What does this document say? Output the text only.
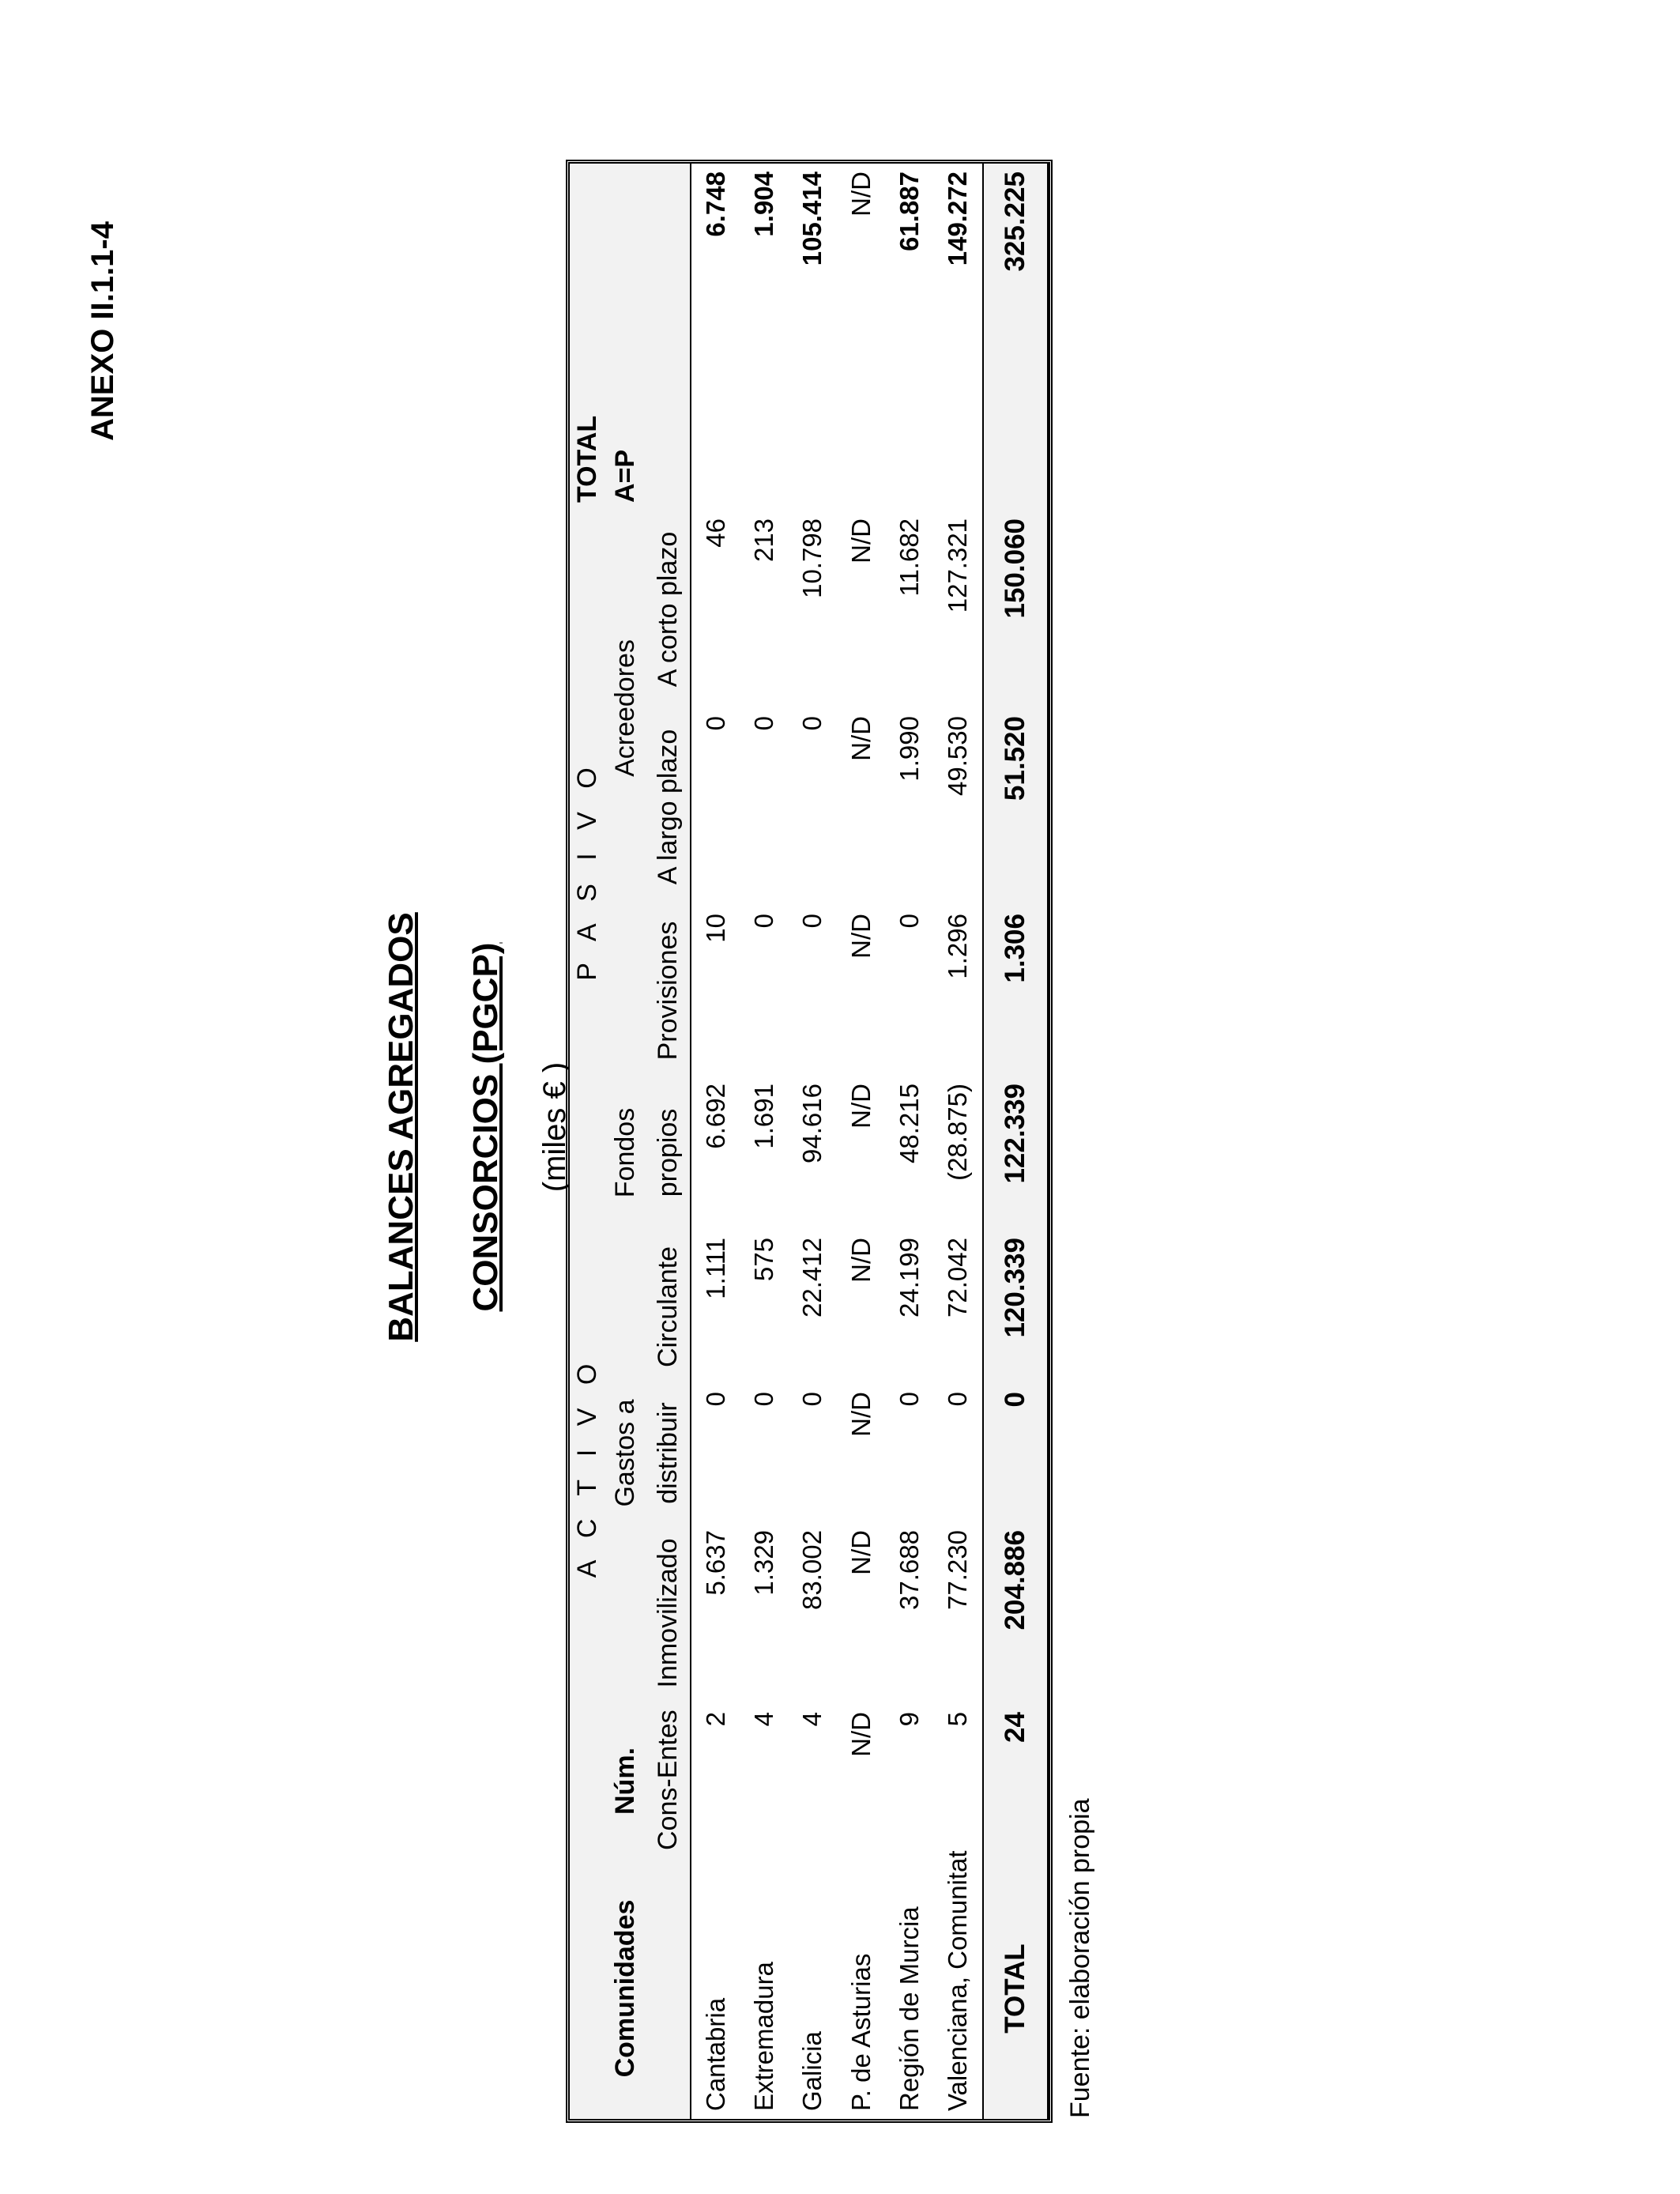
ANEXO II.1.1-4
BALANCES AGREGADOS CONSORCIOS (PGCP) (miles € )
		A C T I V O			P A S I V O				TOTAL
Comunidades	Núm.		Gastos a		Fondos		Acreedores		A=P
	Cons-Entes	Inmovilizado	distribuir	Circulante	propios	Provisiones	A largo plazo	A corto plazo	
Cantabria	2	5.637	0	1.111	6.692	10	0	46	6.748
Extremadura	4	1.329	0	575	1.691	0	0	213	1.904
Galicia	4	83.002	0	22.412	94.616	0	0	10.798	105.414
P. de Asturias	N/D	N/D	N/D	N/D	N/D	N/D	N/D	N/D	N/D
Región de Murcia	9	37.688	0	24.199	48.215	0	1.990	11.682	61.887
Valenciana, Comunitat	5	77.230	0	72.042	(28.875)	1.296	49.530	127.321	149.272
TOTAL	24	204.886	0	120.339	122.339	1.306	51.520	150.060	325.225
Fuente: elaboración propia
